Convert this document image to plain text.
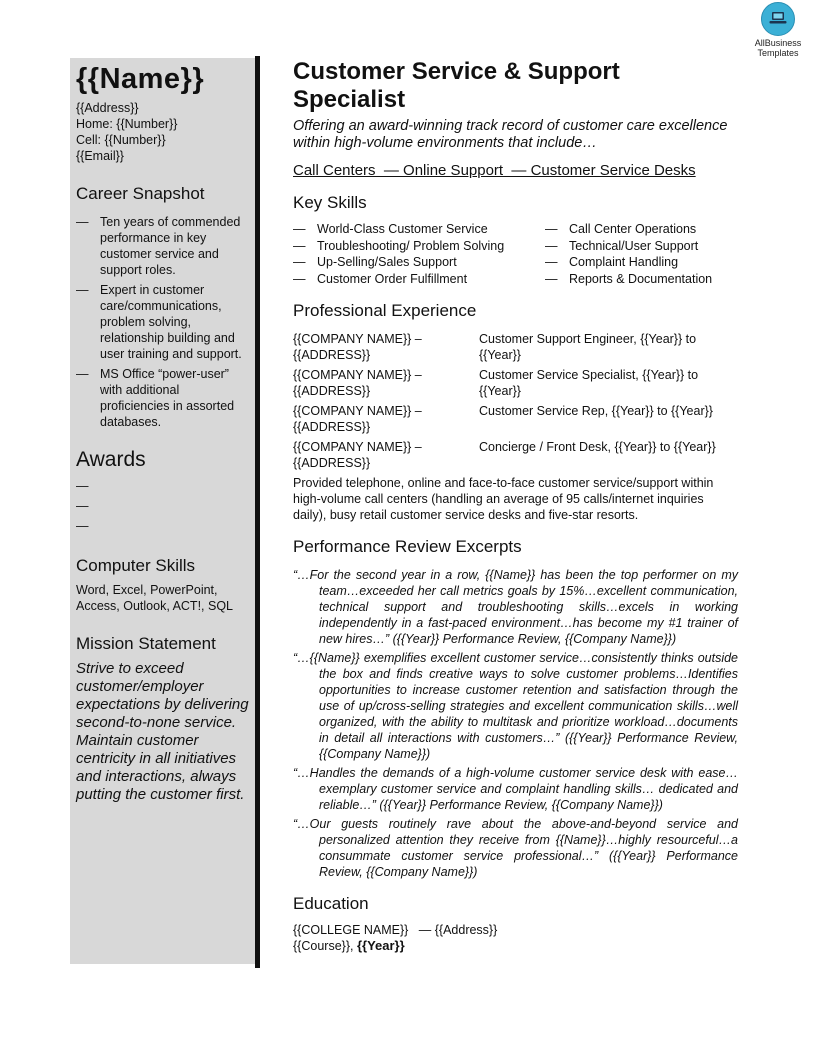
AllBusiness
Templates
{{Name}}
{{Address}}
Home: {{Number}}
Cell: {{Number}}
{{Email}}
Career Snapshot
— Ten years of commended performance in key customer service and support roles.
— Expert in customer care/communications, problem solving, relationship building and user training and support.
— MS Office “power-user” with additional proficiencies in assorted databases.
Awards
—
—
—
Computer Skills
Word, Excel, PowerPoint, Access, Outlook, ACT!, SQL
Mission Statement
Strive to exceed customer/employer expectations by delivering second-to-none service. Maintain customer centricity in all initiatives and interactions, always putting the customer first.
Customer Service & Support Specialist
Offering an award-winning track record of customer care excellence within high-volume environments that include…
Call Centers  — Online Support  — Customer Service Desks
Key Skills
— World-Class Customer Service
— Troubleshooting/ Problem Solving
— Up-Selling/Sales Support
— Customer Order Fulfillment
— Call Center Operations
— Technical/User Support
— Complaint Handling
— Reports & Documentation
Professional Experience
{{COMPANY NAME}} – {{ADDRESS}}
Customer Support Engineer, {{Year}} to {{Year}}
{{COMPANY NAME}} – {{ADDRESS}}
Customer Service Specialist, {{Year}} to {{Year}}
{{COMPANY NAME}} – {{ADDRESS}}
Customer Service Rep, {{Year}} to {{Year}}
{{COMPANY NAME}} – {{ADDRESS}}
Concierge / Front Desk, {{Year}} to {{Year}}
Provided telephone, online and face-to-face customer service/support within high-volume call centers (handling an average of 95 calls/internet inquiries daily), busy retail customer service desks and five-star resorts.
Performance Review Excerpts

“…For the second year in a row, {{Name}} has been the top performer on my team…exceeded her call metrics goals by 15%…excellent communication, technical support and troubleshooting skills…excels in working independently in a fast-paced environment…has become my #1 trainer of new hires…” ({{Year}} Performance Review, {{Company Name}})

“…{{Name}} exemplifies excellent customer service…consistently thinks outside the box and finds creative ways to solve customer problems…Identifies opportunities to increase customer retention and satisfaction through the use of up/cross-selling strategies and excellent communication skills…well organized, with the ability to multitask and prioritize workload…documents in detail all interactions with customers…” ({{Year}} Performance Review, {{Company Name}})

“…Handles the demands of a high-volume customer service desk with ease…exemplary customer service and complaint handling skills… dedicated and reliable…” ({{Year}} Performance Review, {{Company Name}})

“…Our guests routinely rave about the above-and-beyond service and personalized attention they receive from {{Name}}…highly resourceful…a consummate customer service professional…” ({{Year}} Performance Review, {{Company Name}})

Education
{{COLLEGE NAME}}   — {{Address}}
{{Course}}, {{Year}}
